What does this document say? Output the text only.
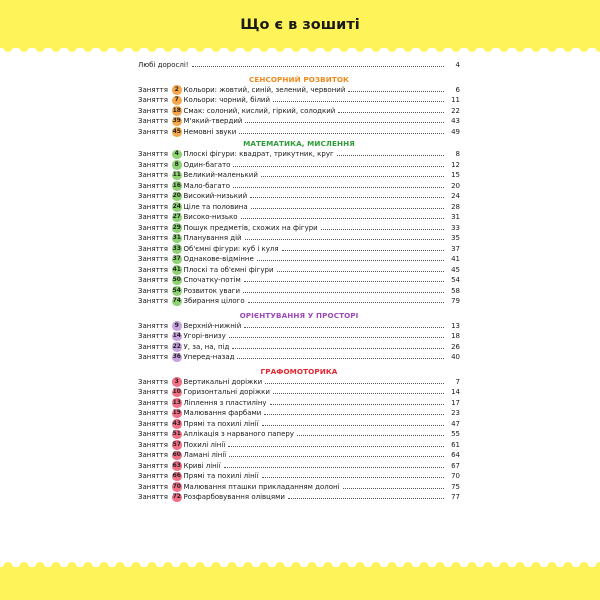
Що є в зошиті
Любі дорослі!	4
СЕНСОРНИЙ РОЗВИТОК
Заняття	2 Кольори: жовтий, синій, зелений, червоний	6
Заняття	7 Кольори: чорний, білий	11
Заняття 18 Смак: солоний, кислий, гіркий, солодкий	22
Заняття 39 М'який-твердий	43
Заняття 45 Немовні звуки	49
МАТЕМАТИКА, МИСЛЕННЯ
Заняття	4 Плоскі фігури: квадрат, трикутник, круг	8
Заняття	8 Один-багато	12
Заняття 11 Великий-маленький	15
Заняття 16 Мало-багато	20
Заняття 20 Високий-низький	24
Заняття 24 Ціле та половина	28
Заняття 27 Високо-низько	31
Заняття 29 Пошук предметів, схожих на фігури	33
Заняття 31 Планування дій	35
Заняття 33 Об'ємні фігури: куб і куля	37
Заняття 37 Однакове-відмінне	41
Заняття 41 Плоскі та об'ємні фігури	45
Заняття 50 Спочатку-потім	54
Заняття 54 Розвиток уваги	58
Заняття 74 Збирання цілого	79
ОРІЄНТУВАННЯ У ПРОСТОРІ
Заняття	9 Верхній-нижній	13
Заняття 14 Угорі-внизу	18
Заняття 22 У, за, на, під	26
Заняття 36 Уперед-назад	40
ГРАФОМОТОРИКА
Заняття	3 Вертикальні доріжки	7
Заняття 10 Горизонтальні доріжки	14
Заняття 13 Ліплення з пластиліну	17
Заняття 19 Малювання фарбами	23
Заняття 43 Прямі та похилі лінії	47
Заняття 51 Аплікація з нарваного паперу	55
Заняття 57 Похилі лінії	61
Заняття 60 Ламані лінії	64
Заняття 63 Криві лінії	67
Заняття 66 Прямі та похилі лінії	70
Заняття 70 Малювання пташки прикладанням долоні	75
Заняття 72 Розфарбовування олівцями	77
